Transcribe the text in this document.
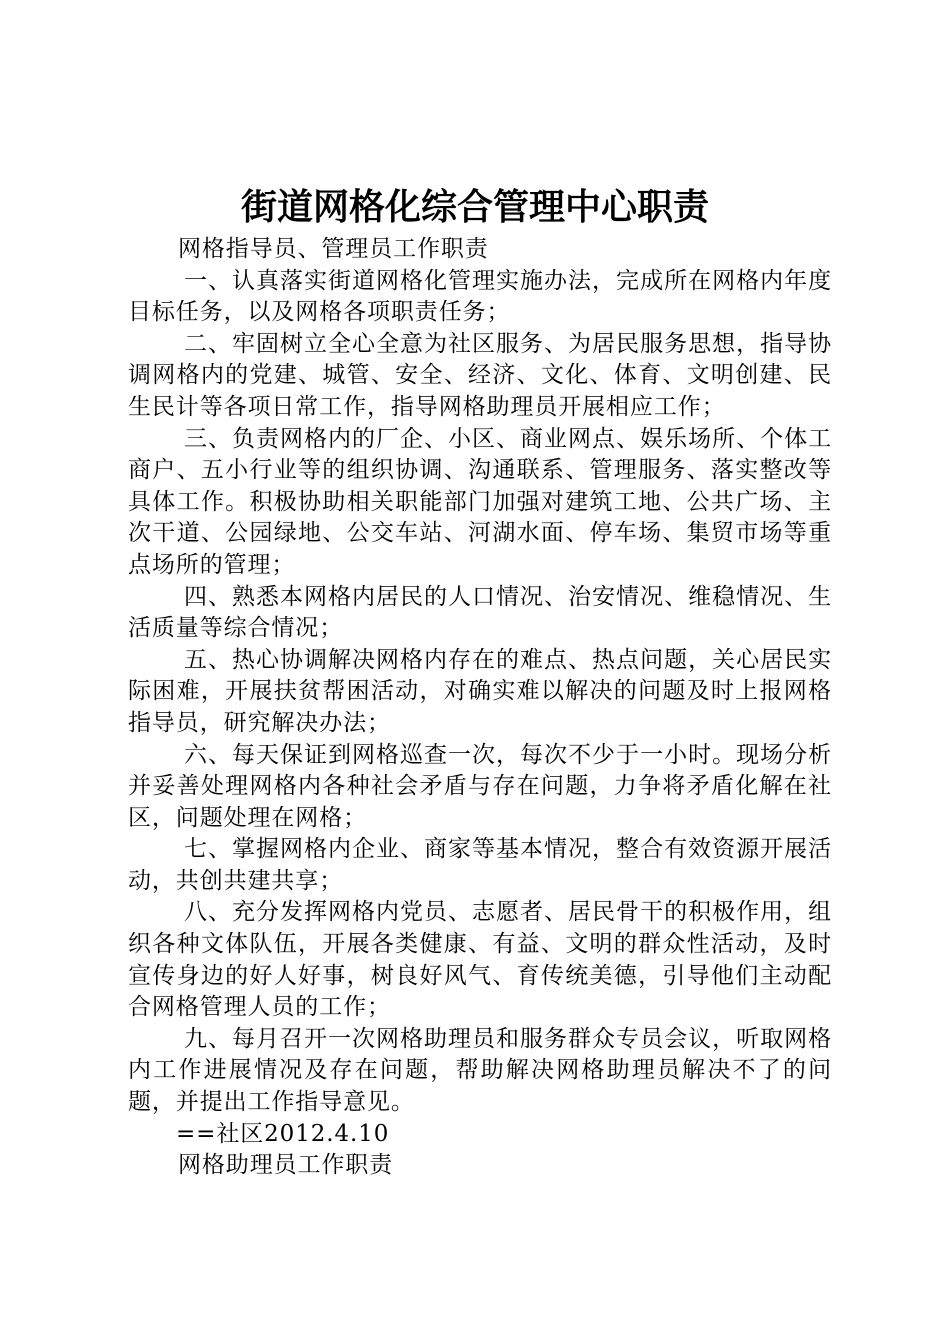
街道网格化综合管理中心职责

网格指导员、管理员工作职责

一、认真落实街道网格化管理实施办法，完成所在网格内年度目标任务，以及网格各项职责任务；

二、牢固树立全心全意为社区服务、为居民服务思想，指导协调网格内的党建、城管、安全、经济、文化、体育、文明创建、民生民计等各项日常工作，指导网格助理员开展相应工作；

三、负责网格内的厂企、小区、商业网点、娱乐场所、个体工商户、五小行业等的组织协调、沟通联系、管理服务、落实整改等具体工作。积极协助相关职能部门加强对建筑工地、公共广场、主次干道、公园绿地、公交车站、河湖水面、停车场、集贸市场等重点场所的管理；

四、熟悉本网格内居民的人口情况、治安情况、维稳情况、生活质量等综合情况；

五、热心协调解决网格内存在的难点、热点问题，关心居民实际困难，开展扶贫帮困活动，对确实难以解决的问题及时上报网格指导员，研究解决办法；

六、每天保证到网格巡查一次，每次不少于一小时。现场分析并妥善处理网格内各种社会矛盾与存在问题，力争将矛盾化解在社区，问题处理在网格；

七、掌握网格内企业、商家等基本情况，整合有效资源开展活动，共创共建共享；

八、充分发挥网格内党员、志愿者、居民骨干的积极作用，组织各种文体队伍，开展各类健康、有益、文明的群众性活动，及时宣传身边的好人好事，树良好风气、育传统美德，引导他们主动配合网格管理人员的工作；

九、每月召开一次网格助理员和服务群众专员会议，听取网格内工作进展情况及存在问题，帮助解决网格助理员解决不了的问题，并提出工作指导意见。

==社区2012.4.10

网格助理员工作职责
